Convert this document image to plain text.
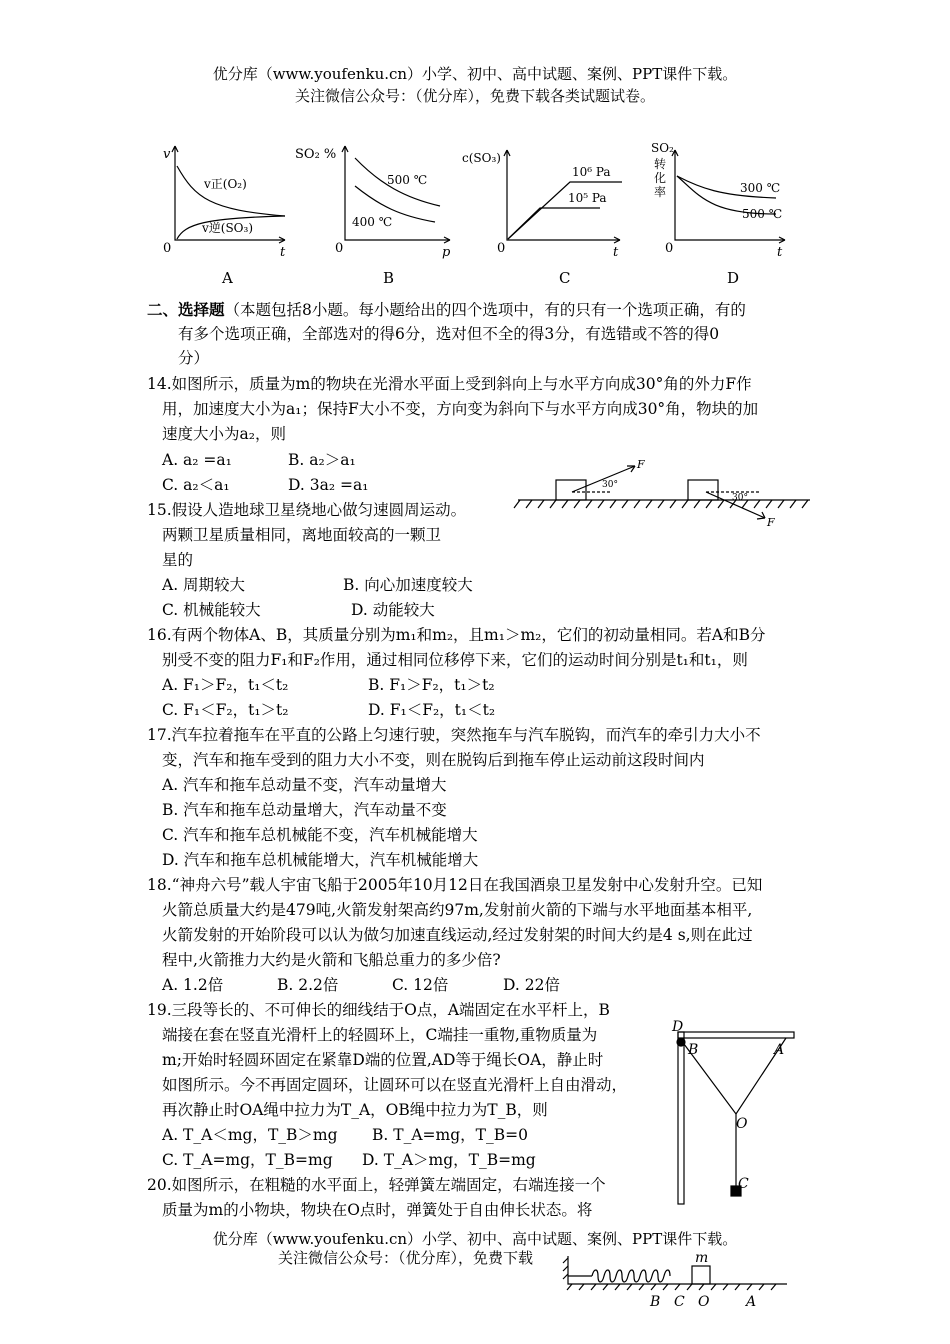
优分库（www.youfenku.cn）小学、初中、高中试题、案例、PPT课件下载。
关注微信公众号：（优分库），免费下载各类试题试卷。
v
0	t
v正(O₂)
v逆(SO₃)
A
SO₂ %
0	p
500 ℃
400 ℃
B
c(SO₃)
0	t
10⁶ Pa
10⁵ Pa
C
SO₂
转
化
率
0	t
300 ℃
500 ℃
D
二、选择题（本题包括8小题。每小题给出的四个选项中，有的只有一个选项正确，有的
有多个选项正确，全部选对的得6分，选对但不全的得3分，有选错或不答的得0
分）
14.如图所示，质量为m的物块在光滑水平面上受到斜向上与水平方向成30°角的外力F作
用，加速度大小为a₁；保持F大小不变，方向变为斜向下与水平方向成30°角，物块的加
速度大小为a₂，则
A. a₂ =a₁	B. a₂＞a₁
C. a₂＜a₁	D. 3a₂ =a₁
F
30°
F
30°
15.假设人造地球卫星绕地心做匀速圆周运动。
两颗卫星质量相同，离地面较高的一颗卫
星的
A. 周期较大	B. 向心加速度较大
C. 机械能较大	D. 动能较大
16.有两个物体A、B，其质量分别为m₁和m₂，且m₁＞m₂，它们的初动量相同。若A和B分
别受不变的阻力F₁和F₂作用，通过相同位移停下来，它们的运动时间分别是t₁和t₁，则
A. F₁＞F₂，t₁＜t₂	B. F₁＞F₂，t₁＞t₂
C. F₁＜F₂，t₁＞t₂	D. F₁＜F₂，t₁＜t₂
17.汽车拉着拖车在平直的公路上匀速行驶，突然拖车与汽车脱钩，而汽车的牵引力大小不
变，汽车和拖车受到的阻力大小不变，则在脱钩后到拖车停止运动前这段时间内
A. 汽车和拖车总动量不变，汽车动量增大
B. 汽车和拖车总动量增大，汽车动量不变
C. 汽车和拖车总机械能不变，汽车机械能增大
D. 汽车和拖车总机械能增大，汽车机械能增大
18.“神舟六号”载人宇宙飞船于2005年10月12日在我国酒泉卫星发射中心发射升空。已知
火箭总质量大约是479吨,火箭发射架高约97m,发射前火箭的下端与水平地面基本相平,
火箭发射的开始阶段可以认为做匀加速直线运动,经过发射架的时间大约是4 s,则在此过
程中,火箭推力大约是火箭和飞船总重力的多少倍?
A. 1.2倍	B. 2.2倍	C. 12倍	D. 22倍
19.三段等长的、不可伸长的细线结于O点，A端固定在水平杆上，B
端接在套在竖直光滑杆上的轻圆环上，C端挂一重物,重物质量为
m;开始时轻圆环固定在紧靠D端的位置,AD等于绳长OA，静止时
如图所示。今不再固定圆环，让圆环可以在竖直光滑杆上自由滑动，
再次静止时OA绳中拉力为T_A，OB绳中拉力为T_B，则
A. T_A＜mg，T_B＞mg B. T_A=mg，T_B=0
C. T_A=mg，T_B=mg D. T_A＞mg，T_B=mg
D
B	A
O
C
20.如图所示，在粗糙的水平面上，轻弹簧左端固定，右端连接一个
质量为m的小物块，物块在O点时，弹簧处于自由伸长状态。将
优分库（www.youfenku.cn）小学、初中、高中试题、案例、PPT课件下载。
关注微信公众号：（优分库），免费下载	m
B C O	A
